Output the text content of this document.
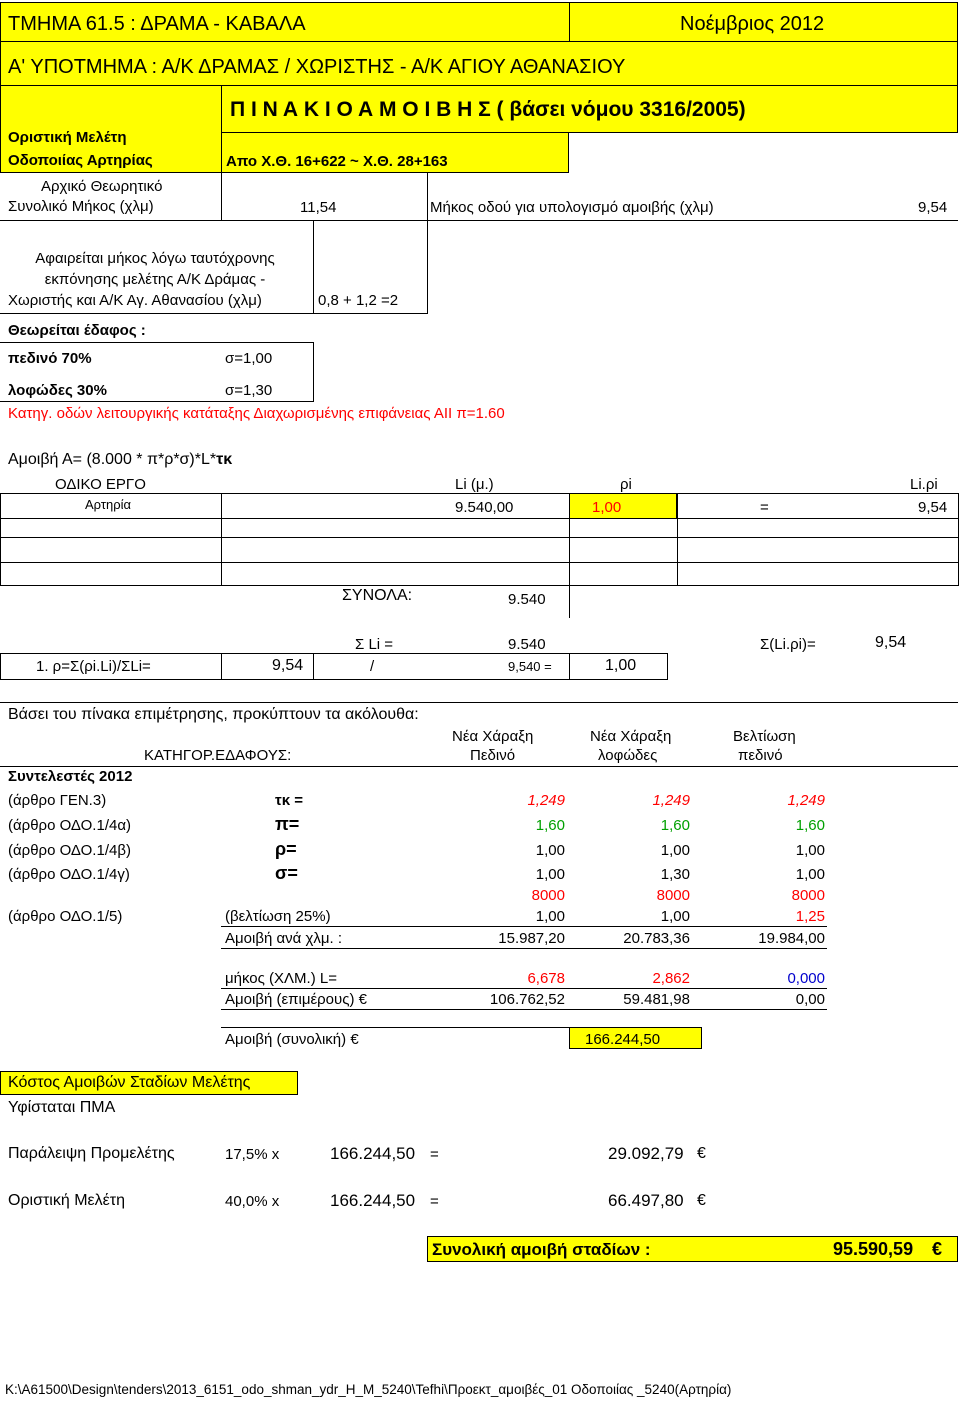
ΤΜΗΜΑ 61.5 : ΔΡΑΜΑ - ΚΑΒΑΛΑ	Νοέμβριος 2012
Α' ΥΠΟΤΜΗΜΑ : Α/Κ ΔΡΑΜΑΣ / ΧΩΡΙΣΤΗΣ - Α/Κ ΑΓΙΟΥ ΑΘΑΝΑΣΙΟΥ
Οριστική Μελέτη
Οδοποιίας Αρτηρίας
Π Ι Ν Α Κ Ι Ο Α Μ Ο Ι Β Η Σ ( βάσει νόμου 3316/2005)
Απο Χ.Θ. 16+622 ~ Χ.Θ. 28+163
Αρχικό Θεωρητικό
Συνολικό Μήκος (χλμ)	11,54	Μήκος οδού για υπολογισμό αμοιβής (χλμ)	9,54
Αφαιρείται μήκος λόγω ταυτόχρονης
εκπόνησης μελέτης Α/Κ Δράμας -
Χωριστής και Α/Κ Αγ. Αθανασίου (χλμ)	0,8 + 1,2 =2
Θεωρείται έδαφος :
πεδινό 70%	σ=1,00
λοφώδες 30%	σ=1,30
Κατηγ. οδών λειτουργικής κατάταξης Διαχωρισμένης επιφάνειας ΑΙΙ π=1.60
Αμοιβή Α= (8.000 * π*ρ*σ)*L*τκ
ΟΔΙΚΟ ΕΡΓΟ	Li (μ.)	ρi	Li.ρi
Αρτηρία	9.540,00	1,00	=	9,54
ΣΥΝΟΛΑ:	9.540
Σ Li =	9.540	Σ(Li.ρi)=	9,54
1. ρ=Σ(ρi.Li)/ΣLi=	9,54	/	9,540 =	1,00
Βάσει του πίνακα επιμέτρησης, προκύπτουν τα ακόλουθα:
Νέα Χάραξη
Πεδινό
Νέα Χάραξη
λοφώδες
Βελτίωση
πεδινό
ΚΑΤΗΓΟΡ.ΕΔΑΦΟΥΣ:
Συντελεστές 2012
(άρθρο ΓΕΝ.3)	τκ =	1,249	1,249	1,249
(άρθρο ΟΔΟ.1/4α)	π=	1,60	1,60	1,60
(άρθρο ΟΔΟ.1/4β)	ρ=	1,00	1,00	1,00
(άρθρο ΟΔΟ.1/4γ)	σ=	1,00	1,30	1,00
8000	8000	8000
(άρθρο ΟΔΟ.1/5)	(βελτίωση 25%)	1,00	1,00	1,25
Αμοιβή ανά χλμ. :	15.987,20	20.783,36	19.984,00
μήκος (ΧΛΜ.) L=	6,678	2,862	0,000
Αμοιβή (επιμέρους) €	106.762,52	59.481,98	0,00
Αμοιβή (συνολική) €	166.244,50
Κόστος Αμοιβών Σταδίων Μελέτης
Υφίσταται ΠΜΑ
Παράλειψη Προμελέτης	17,5% x	166.244,50 =	29.092,79 €
Οριστική Μελέτη	40,0% x	166.244,50 =	66.497,80 €
Συνολική αμοιβή σταδίων :	95.590,59 €
K:\A61500\Design\tenders\2013_6151_odo_shman_ydr_H_M_5240\Tefhi\Προεκτ_αμοιβές_01 Οδοποιίας _5240(Αρτηρία)
